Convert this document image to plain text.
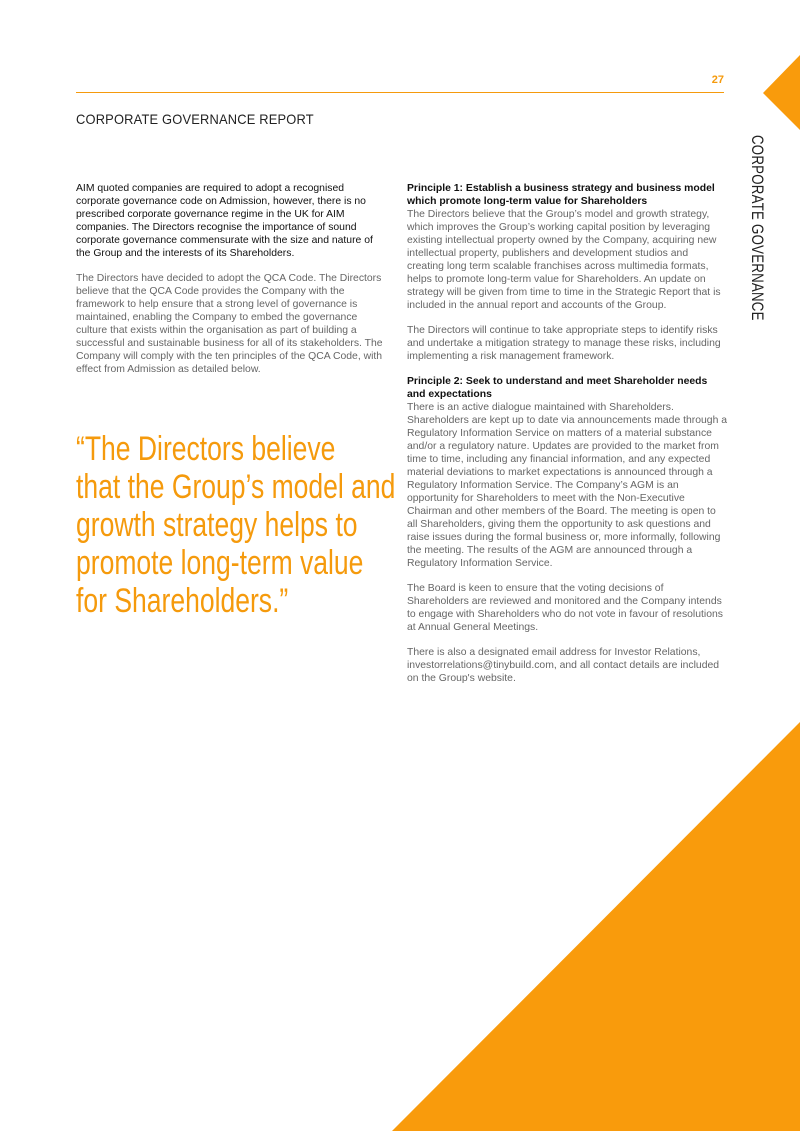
27
CORPORATE GOVERNANCE REPORT
CORPORATE GOVERNANCE

AIM quoted companies are required to adopt a recognised corporate governance code on Admission, however, there is no prescribed corporate governance regime in the UK for AIM companies. The Directors recognise the importance of sound corporate governance commensurate with the size and nature of the Group and the interests of its Shareholders.

The Directors have decided to adopt the QCA Code. The Directors believe that the QCA Code provides the Company with the framework to help ensure that a strong level of governance is maintained, enabling the Company to embed the governance culture that exists within the organisation as part of building a successful and sustainable business for all of its stakeholders. The Company will comply with the ten principles of the QCA Code, with effect from Admission as detailed below.

“The Directors believe
that the Group’s model and
growth strategy helps to
promote long-term value
for Shareholders.”
Principle 1: Establish a business strategy and business model which promote long-term value for Shareholders

The Directors believe that the Group’s model and growth strategy, which improves the Group’s working capital position by leveraging existing intellectual property owned by the Company, acquiring new intellectual property, publishers and development studios and creating long term scalable franchises across multimedia formats, helps to promote long-term value for Shareholders. An update on strategy will be given from time to time in the Strategic Report that is included in the annual report and accounts of the Group.

The Directors will continue to take appropriate steps to identify risks and undertake a mitigation strategy to manage these risks, including implementing a risk management framework.

Principle 2: Seek to understand and meet Shareholder needs and expectations

There is an active dialogue maintained with Shareholders. Shareholders are kept up to date via announcements made through a Regulatory Information Service on matters of a material substance and/or a regulatory nature. Updates are provided to the market from time to time, including any financial information, and any expected material deviations to market expectations is announced through a Regulatory Information Service. The Company’s AGM is an opportunity for Shareholders to meet with the Non-Executive Chairman and other members of the Board. The meeting is open to all Shareholders, giving them the opportunity to ask questions and raise issues during the formal business or, more informally, following the meeting. The results of the AGM are announced through a Regulatory Information Service.

The Board is keen to ensure that the voting decisions of Shareholders are reviewed and monitored and the Company intends to engage with Shareholders who do not vote in favour of resolutions at Annual General Meetings.

There is also a designated email address for Investor Relations, investorrelations@tinybuild.com, and all contact details are included on the Group's website.
